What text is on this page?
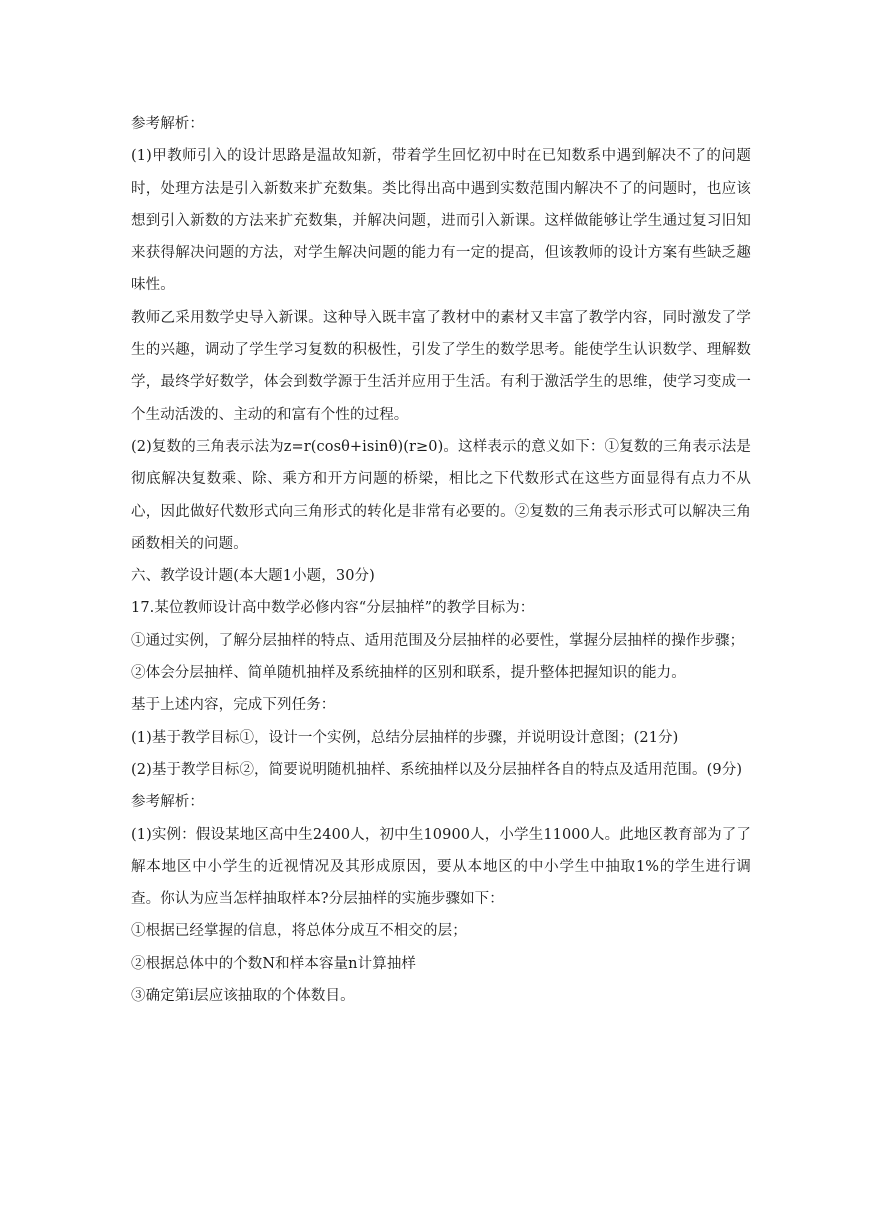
参考解析：

(1)甲教师引入的设计思路是温故知新，带着学生回忆初中时在已知数系中遇到解决不了的问题时，处理方法是引入新数来扩充数集。类比得出高中遇到实数范围内解决不了的问题时，也应该想到引入新数的方法来扩充数集，并解决问题，进而引入新课。这样做能够让学生通过复习旧知来获得解决问题的方法，对学生解决问题的能力有一定的提高，但该教师的设计方案有些缺乏趣味性。

教师乙采用数学史导入新课。这种导入既丰富了教材中的素材又丰富了教学内容，同时激发了学生的兴趣，调动了学生学习复数的积极性，引发了学生的数学思考。能使学生认识数学、理解数学，最终学好数学，体会到数学源于生活并应用于生活。有利于激活学生的思维，使学习变成一个生动活泼的、主动的和富有个性的过程。

(2)复数的三角表示法为z=r(cosθ+isinθ)(r≥0)。这样表示的意义如下：①复数的三角表示法是彻底解决复数乘、除、乘方和开方问题的桥梁，相比之下代数形式在这些方面显得有点力不从心，因此做好代数形式向三角形式的转化是非常有必要的。②复数的三角表示形式可以解决三角函数相关的问题。

六、教学设计题(本大题1小题，30分)

17.某位教师设计高中数学必修内容“分层抽样”的教学目标为：

①通过实例，了解分层抽样的特点、适用范围及分层抽样的必要性，掌握分层抽样的操作步骤；

②体会分层抽样、简单随机抽样及系统抽样的区别和联系，提升整体把握知识的能力。

基于上述内容，完成下列任务：

(1)基于教学目标①，设计一个实例，总结分层抽样的步骤，并说明设计意图；(21分)

(2)基于教学目标②，简要说明随机抽样、系统抽样以及分层抽样各自的特点及适用范围。(9分)

参考解析：

(1)实例：假设某地区高中生2400人，初中生10900人，小学生11000人。此地区教育部为了了解本地区中小学生的近视情况及其形成原因，要从本地区的中小学生中抽取1%的学生进行调查。你认为应当怎样抽取样本?分层抽样的实施步骤如下：

①根据已经掌握的信息，将总体分成互不相交的层；

②根据总体中的个数N和样本容量n计算抽样

③确定第i层应该抽取的个体数目。
